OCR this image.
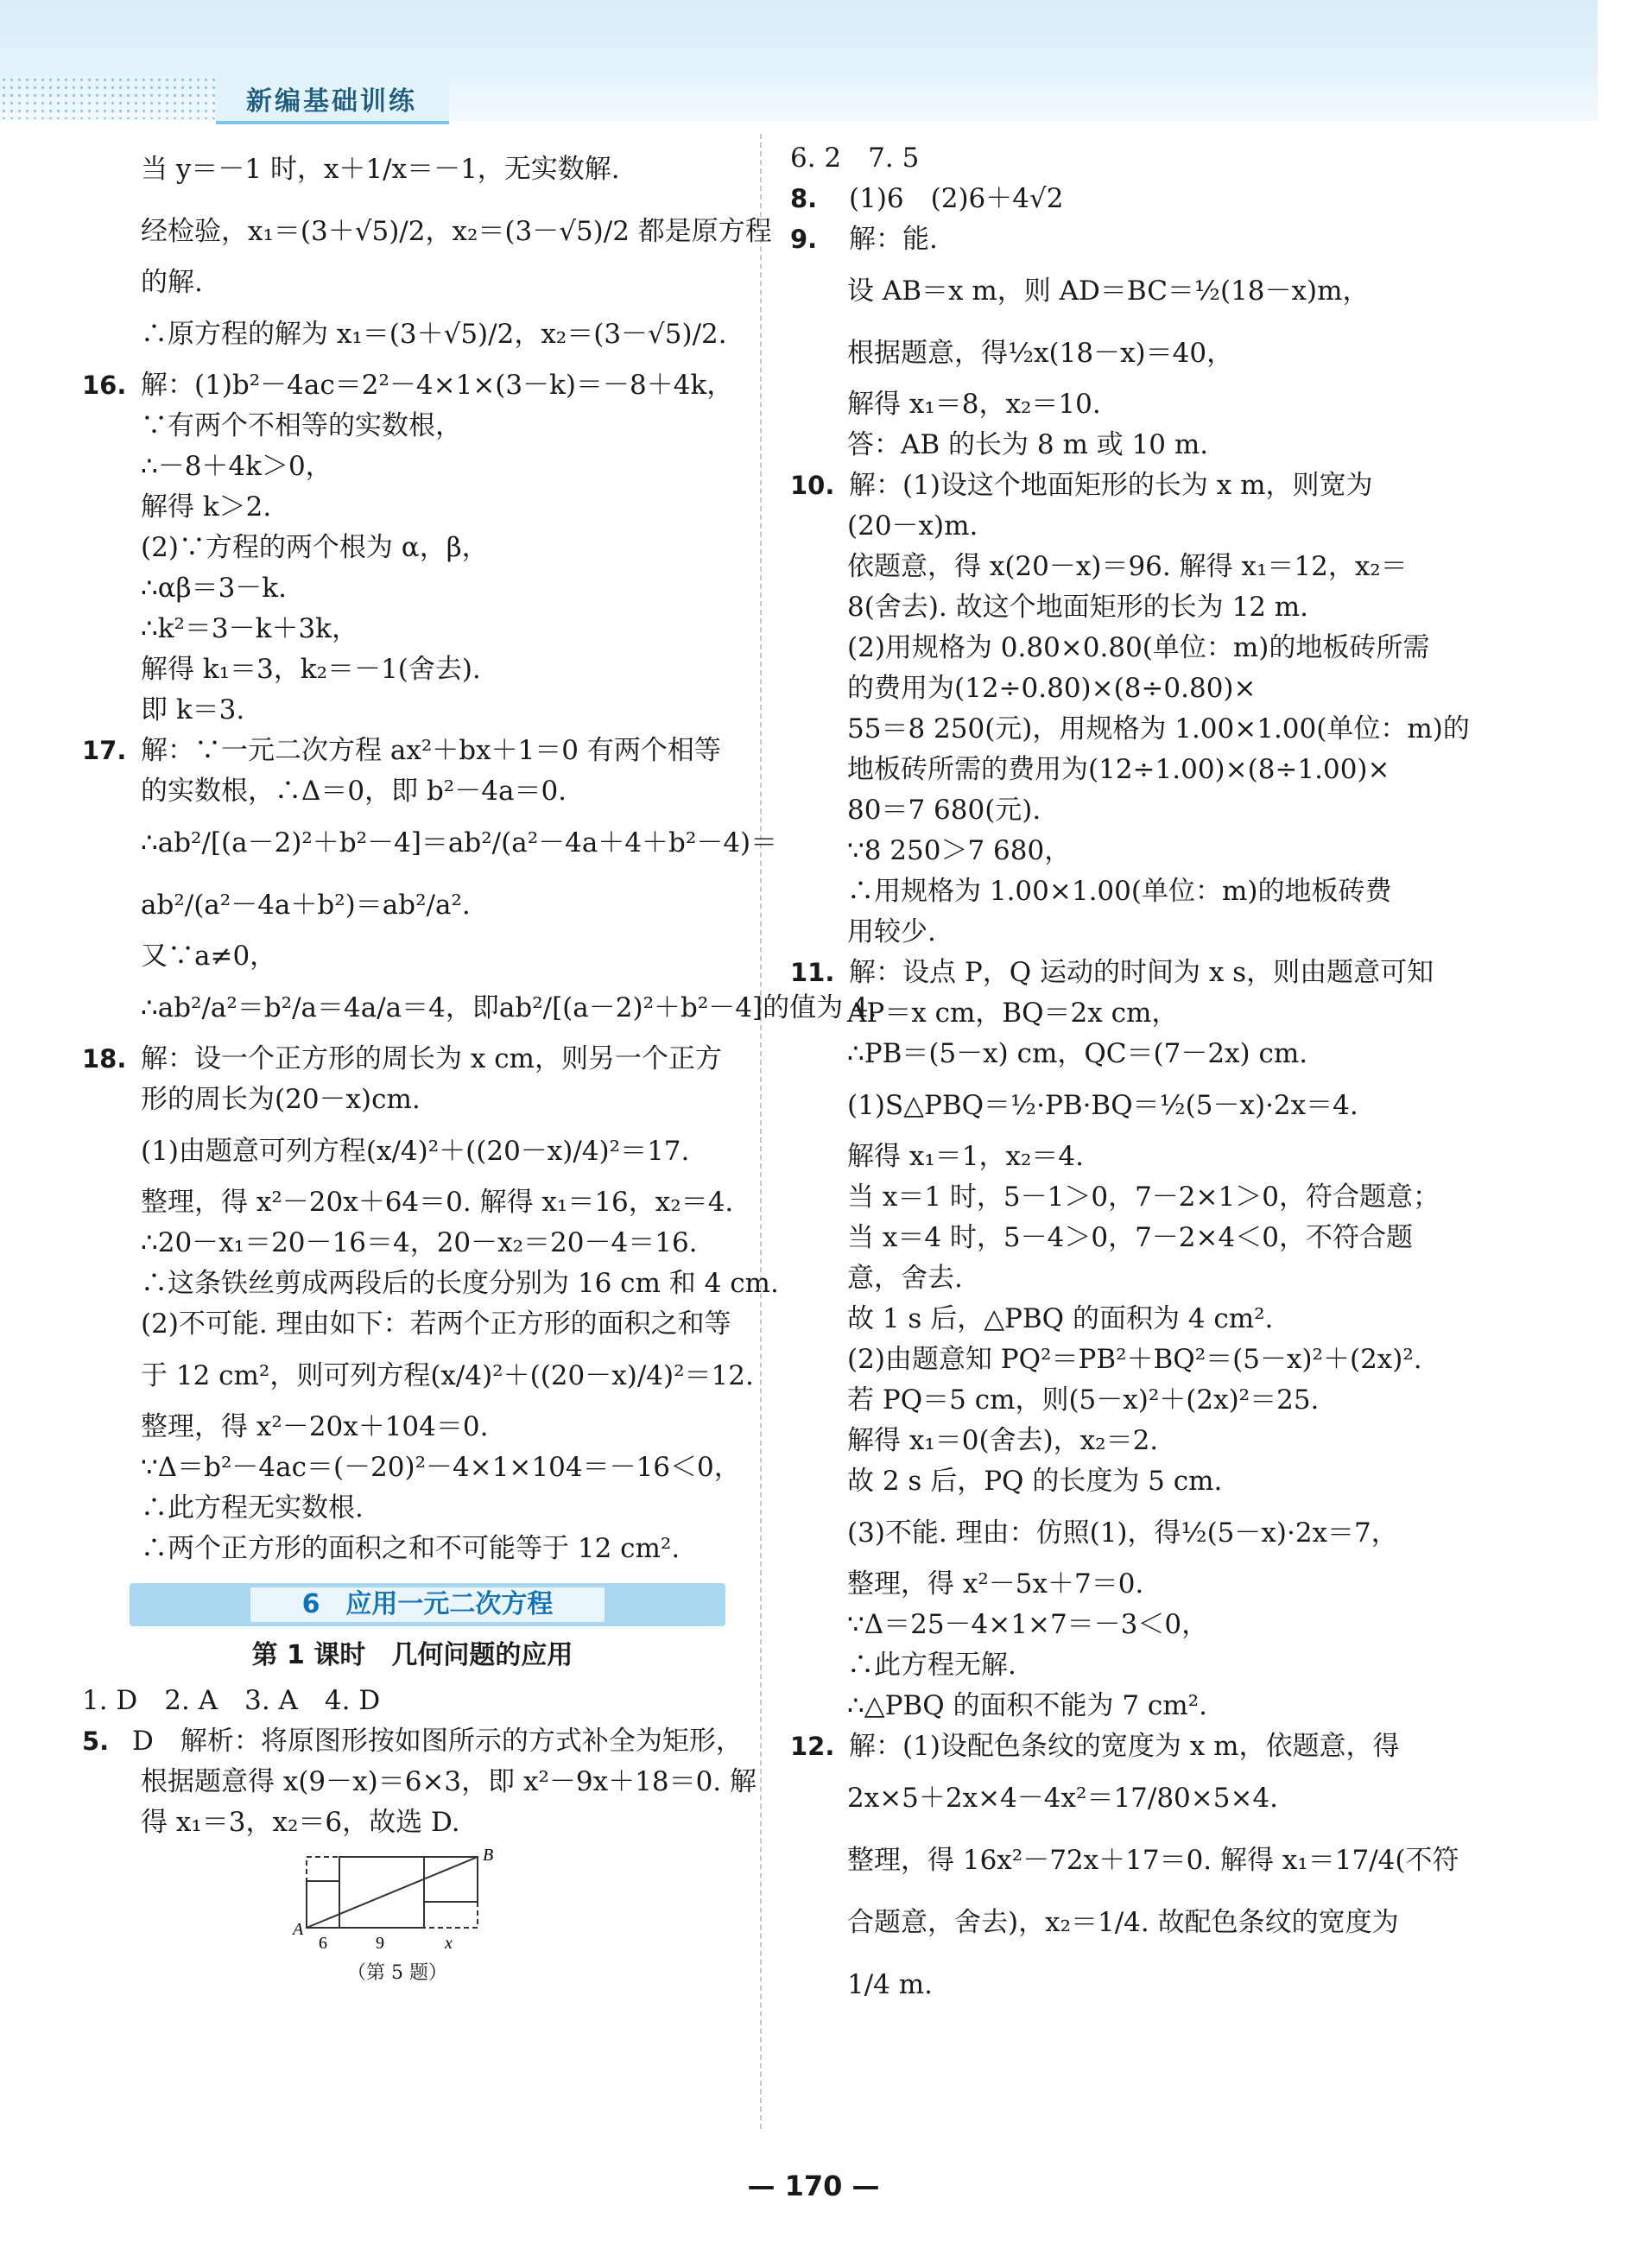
新编基础训练
当 y＝－1 时，x＋1/x＝－1，无实数解.
经检验，x₁＝(3＋√5)/2，x₂＝(3－√5)/2 都是原方程
的解.
∴原方程的解为 x₁＝(3＋√5)/2，x₂＝(3－√5)/2.
16. 解：(1)b²－4ac＝2²－4×1×(3－k)＝－8＋4k，
∵有两个不相等的实数根，
∴－8＋4k＞0，
解得 k＞2.
(2)∵方程的两个根为 α，β，
∴αβ＝3－k.
∴k²＝3－k＋3k，
解得 k₁＝3，k₂＝－1(舍去).
即 k＝3.
17. 解：∵一元二次方程 ax²＋bx＋1＝0 有两个相等
的实数根，∴Δ＝0，即 b²－4a＝0.
∴ab²/[(a－2)²＋b²－4]＝ab²/(a²－4a＋4＋b²－4)＝
ab²/(a²－4a＋b²)＝ab²/a².
又∵a≠0，
∴ab²/a²＝b²/a＝4a/a＝4，即ab²/[(a－2)²＋b²－4]的值为 4.
18. 解：设一个正方形的周长为 x cm，则另一个正方
形的周长为(20－x)cm.
(1)由题意可列方程(x/4)²＋((20－x)/4)²＝17.
整理，得 x²－20x＋64＝0. 解得 x₁＝16，x₂＝4.
∴20－x₁＝20－16＝4，20－x₂＝20－4＝16.
∴这条铁丝剪成两段后的长度分别为 16 cm 和 4 cm.
(2)不可能. 理由如下：若两个正方形的面积之和等
于 12 cm²，则可列方程(x/4)²＋((20－x)/4)²＝12.
整理，得 x²－20x＋104＝0.
∵Δ＝b²－4ac＝(－20)²－4×1×104＝－16＜0，
∴此方程无实数根.
∴两个正方形的面积之和不可能等于 12 cm².
6　应用一元二次方程
第 1 课时　几何问题的应用
1. D　2. A　3. A　4. D
5. D　解析：将原图形按如图所示的方式补全为矩形，
根据题意得 x(9－x)＝6×3，即 x²－9x＋18＝0. 解
得 x₁＝3，x₂＝6，故选 D.
A
B
6	9	x
（第 5 题）
6. 2　7. 5
8. (1)6　(2)6＋4√2
9. 解：能.
设 AB＝x m，则 AD＝BC＝½(18－x)m，
根据题意，得½x(18－x)＝40，
解得 x₁＝8，x₂＝10.
答：AB 的长为 8 m 或 10 m.
10. 解：(1)设这个地面矩形的长为 x m，则宽为
(20－x)m.
依题意，得 x(20－x)＝96. 解得 x₁＝12，x₂＝
8(舍去). 故这个地面矩形的长为 12 m.
(2)用规格为 0.80×0.80(单位：m)的地板砖所需
的费用为(12÷0.80)×(8÷0.80)×
55＝8 250(元)，用规格为 1.00×1.00(单位：m)的
地板砖所需的费用为(12÷1.00)×(8÷1.00)×
80＝7 680(元).
∵8 250＞7 680，
∴用规格为 1.00×1.00(单位：m)的地板砖费
用较少.
11. 解：设点 P，Q 运动的时间为 x s，则由题意可知
AP＝x cm，BQ＝2x cm，
∴PB＝(5－x) cm，QC＝(7－2x) cm.
(1)S△PBQ＝½·PB·BQ＝½(5－x)·2x＝4.
解得 x₁＝1，x₂＝4.
当 x＝1 时，5－1＞0，7－2×1＞0，符合题意；
当 x＝4 时，5－4＞0，7－2×4＜0，不符合题
意，舍去.
故 1 s 后，△PBQ 的面积为 4 cm².
(2)由题意知 PQ²＝PB²＋BQ²＝(5－x)²＋(2x)².
若 PQ＝5 cm，则(5－x)²＋(2x)²＝25.
解得 x₁＝0(舍去)，x₂＝2.
故 2 s 后，PQ 的长度为 5 cm.
(3)不能. 理由：仿照(1)，得½(5－x)·2x＝7，
整理，得 x²－5x＋7＝0.
∵Δ＝25－4×1×7＝－3＜0，
∴此方程无解.
∴△PBQ 的面积不能为 7 cm².
12. 解：(1)设配色条纹的宽度为 x m，依题意，得
2x×5＋2x×4－4x²＝17/80×5×4.
整理，得 16x²－72x＋17＝0. 解得 x₁＝17/4(不符
合题意，舍去)，x₂＝1/4. 故配色条纹的宽度为
1/4 m.
— 170 —
